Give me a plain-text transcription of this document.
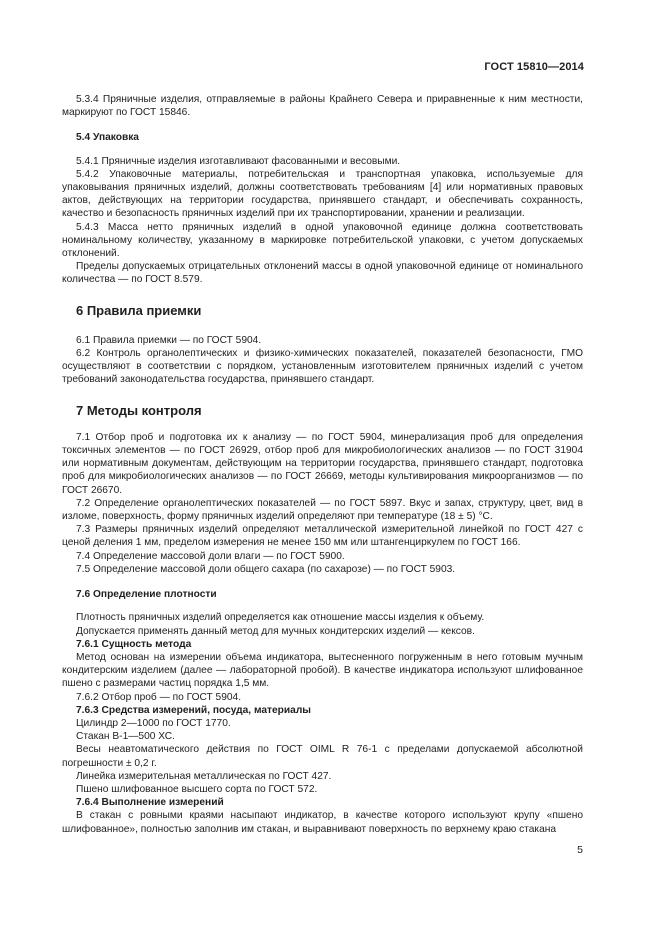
ГОСТ 15810—2014

5.3.4 Пряничные изделия, отправляемые в районы Крайнего Севера и приравненные к ним местности, маркируют по ГОСТ 15846.

5.4 Упаковка

5.4.1 Пряничные изделия изготавливают фасованными и весовыми.

5.4.2 Упаковочные материалы, потребительская и транспортная упаковка, используемые для упаковывания пряничных изделий, должны соответствовать требованиям [4] или нормативных правовых актов, действующих на территории государства, принявшего стандарт, и обеспечивать сохранность, качество и безопасность пряничных изделий при их транспортировании, хранении и реализации.

5.4.3 Масса нетто пряничных изделий в одной упаковочной единице должна соответствовать номинальному количеству, указанному в маркировке потребительской упаковки, с учетом допускаемых отклонений.

Пределы допускаемых отрицательных отклонений массы в одной упаковочной единице от номинального количества — по ГОСТ 8.579.

6 Правила приемки

6.1 Правила приемки — по ГОСТ 5904.

6.2 Контроль органолептических и физико-химических показателей, показателей безопасности, ГМО осуществляют в соответствии с порядком, установленным изготовителем пряничных изделий с учетом требований законодательства государства, принявшего стандарт.

7 Методы контроля

7.1 Отбор проб и подготовка их к анализу — по ГОСТ 5904, минерализация проб для определения токсичных элементов — по ГОСТ 26929, отбор проб для микробиологических анализов — по ГОСТ 31904 или нормативным документам, действующим на территории государства, принявшего стандарт, подготовка проб для микробиологических анализов — по ГОСТ 26669, методы культивирования микроорганизмов — по ГОСТ 26670.

7.2 Определение органолептических показателей — по ГОСТ 5897. Вкус и запах, структуру, цвет, вид в изломе, поверхность, форму пряничных изделий определяют при температуре (18 ± 5) °С.

7.3 Размеры пряничных изделий определяют металлической измерительной линейкой по ГОСТ 427 с ценой деления 1 мм, пределом измерения не менее 150 мм или штангенциркулем по ГОСТ 166.

7.4 Определение массовой доли влаги — по ГОСТ 5900.

7.5 Определение массовой доли общего сахара (по сахарозе) — по ГОСТ 5903.

7.6 Определение плотности

Плотность пряничных изделий определяется как отношение массы изделия к объему.

Допускается применять данный метод для мучных кондитерских изделий — кексов.

7.6.1 Сущность метода

Метод основан на измерении объема индикатора, вытесненного погруженным в него готовым мучным кондитерским изделием (далее — лабораторной пробой). В качестве индикатора используют шлифованное пшено с размерами частиц порядка 1,5 мм.

7.6.2 Отбор проб — по ГОСТ 5904.

7.6.3 Средства измерений, посуда, материалы

Цилиндр 2—1000 по ГОСТ 1770.

Стакан В-1—500 ХС.

Весы неавтоматического действия по ГОСТ OIML R 76-1 с пределами допускаемой абсолютной погрешности ± 0,2 г.

Линейка измерительная металлическая по ГОСТ 427.

Пшено шлифованное высшего сорта по ГОСТ 572.

7.6.4 Выполнение измерений

В стакан с ровными краями насыпают индикатор, в качестве которого используют крупу «пшено шлифованное», полностью заполнив им стакан, и выравнивают поверхность по верхнему краю стакана

5
